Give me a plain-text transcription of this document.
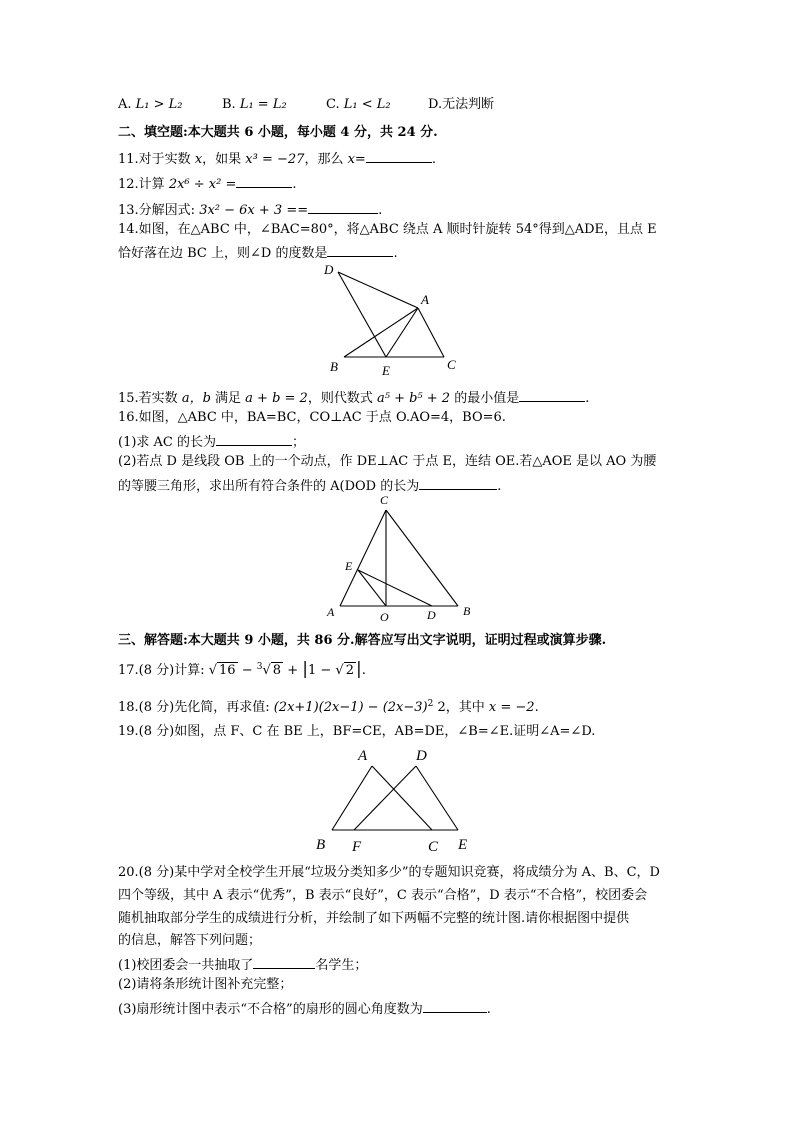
A. L₁ > L₂	B. L₁ = L₂	C. L₁ < L₂	D.无法判断
二、填空题:本大题共 6 小题，每小题 4 分，共 24 分.
11.对于实数 x，如果 x³ = −27，那么 x=	.
12.计算 2x⁶ ÷ x² =	.
13.分解因式: 3x² − 6x + 3 ==	.
14.如图，在△ABC 中，∠BAC=80°，将△ABC 绕点 A 顺时针旋转 54°得到△ADE，且点 E
恰好落在边 BC 上，则∠D 的度数是	.
D
A
B	E	C
15.若实数 a，b 满足 a + b = 2，则代数式 a⁵ + b⁵ + 2 的最小值是	.
16.如图，△ABC 中，BA=BC，CO⊥AC 于点 O.AO=4，BO=6.
(1)求 AC 的长为	；
(2)若点 D 是线段 OB 上的一个动点，作 DE⊥AC 于点 E，连结 OE.若△AOE 是以 AO 为腰
的等腰三角形，求出所有符合条件的 A(DOD 的长为	.
C
E
A	O	D B
三、解答题:本大题共 9 小题，共 86 分.解答应写出文字说明，证明过程或演算步骤.
17.(8 分)计算: √ 16 − $^3$√ 8 + |1 − √ 2 |.
18.(8 分)先化简，再求值: $(2x+1)(2x-1) - (2x-3)^2$ 2，其中 x = −2.
19.(8 分)如图，点 F、C 在 BE 上，BF=CE，AB=DE，∠B=∠E.证明∠A=∠D.
A	D
B F	C E
20.(8 分)某中学对全校学生开展“垃圾分类知多少”的专题知识竞赛，将成绩分为 A、B、C，D
四个等级，其中 A 表示“优秀”，B 表示“良好”，C 表示“合格”，D 表示“不合格”，校团委会
随机抽取部分学生的成绩进行分析，并绘制了如下两幅不完整的统计图.请你根据图中提供
的信息，解答下列问题；
(1)校团委会一共抽取了	名学生；
(2)请将条形统计图补充完整；
(3)扇形统计图中表示“不合格”的扇形的圆心角度数为	.
